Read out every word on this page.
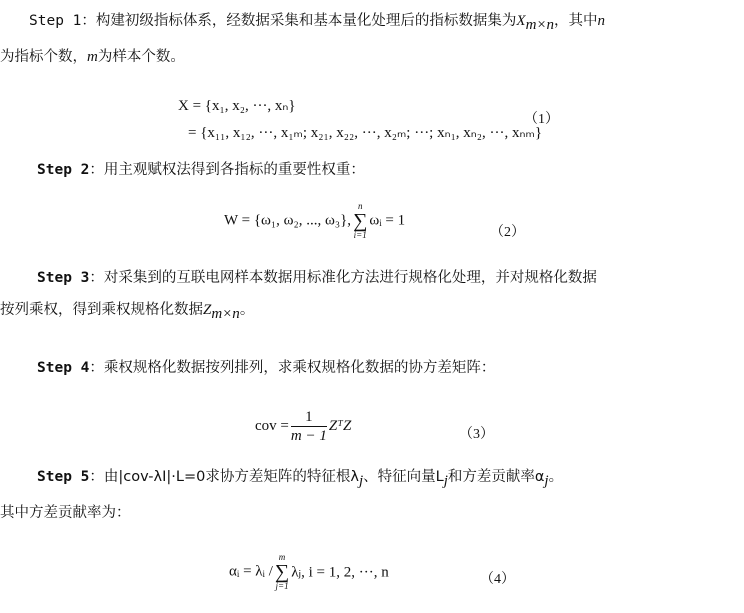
Step 1：构建初级指标体系，经数据采集和基本量化处理后的指标数据集为$X_{m\times n}$，其中n
为指标个数，m为样本个数。
X = {x₁, x₂, ···, xₙ}
= {x₁₁, x₁₂, ···, x₁ₘ; x₂₁, x₂₂, ···, x₂ₘ; ···; xₙ₁, xₙ₂, ···, xₙₘ}
（1）
Step 2：用主观赋权法得到各指标的重要性权重：
W = {ω₁, ω₂, ..., ω₃},
n
∑
i=1
ωᵢ = 1
（2）
Step 3：对采集到的互联电网样本数据用标准化方法进行规格化处理，并对规格化数据
按列乘权，得到乘权规格化数据$Z_{m\times n}$。
Step 4：乘权规格化数据按列排列，求乘权规格化数据的协方差矩阵：
cov = $\frac{1}{m - 1}$ ZᵀZ
（3）
Step 5：由|cov-λI|·L=0求协方差矩阵的特征根$\lambda_j$、特征向量$L_j$和方差贡献率$\alpha_j$。
其中方差贡献率为：
αᵢ = λᵢ /
m
∑
j=1
λⱼ, i = 1, 2, ···, n	（4）
